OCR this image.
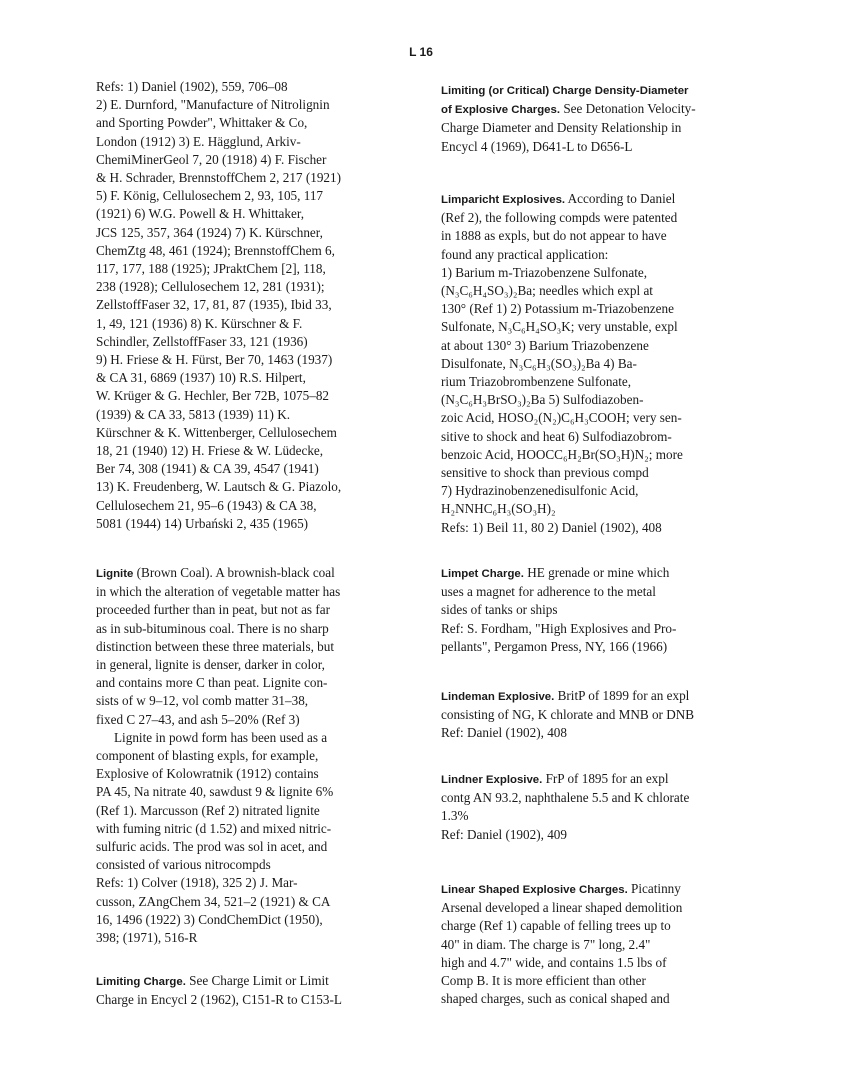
L 16
Refs: 1) Daniel (1902), 559, 706–08
2) E. Durnford, "Manufacture of Nitrolignin
and Sporting Powder", Whittaker & Co,
London (1912) 3) E. Hägglund, Arkiv-
ChemiMinerGeol 7, 20 (1918) 4) F. Fischer
& H. Schrader, BrennstoffChem 2, 217 (1921)
5) F. König, Cellulosechem 2, 93, 105, 117
(1921) 6) W.G. Powell & H. Whittaker,
JCS 125, 357, 364 (1924) 7) K. Kürschner,
ChemZtg 48, 461 (1924); BrennstoffChem 6,
117, 177, 188 (1925); JPraktChem [2], 118,
238 (1928); Cellulosechem 12, 281 (1931);
ZellstoffFaser 32, 17, 81, 87 (1935), Ibid 33,
1, 49, 121 (1936) 8) K. Kürschner & F.
Schindler, ZellstoffFaser 33, 121 (1936)
9) H. Friese & H. Fürst, Ber 70, 1463 (1937)
& CA 31, 6869 (1937) 10) R.S. Hilpert,
W. Krüger & G. Hechler, Ber 72B, 1075–82
(1939) & CA 33, 5813 (1939) 11) K.
Kürschner & K. Wittenberger, Cellulosechem
18, 21 (1940) 12) H. Friese & W. Lüdecke,
Ber 74, 308 (1941) & CA 39, 4547 (1941)
13) K. Freudenberg, W. Lautsch & G. Piazolo,
Cellulosechem 21, 95–6 (1943) & CA 38,
5081 (1944) 14) Urbański 2, 435 (1965)
Lignite (Brown Coal). A brownish-black coal
in which the alteration of vegetable matter has
proceeded further than in peat, but not as far
as in sub-bituminous coal. There is no sharp
distinction between these three materials, but
in general, lignite is denser, darker in color,
and contains more C than peat. Lignite con-
sists of w 9–12, vol comb matter 31–38,
fixed C 27–43, and ash 5–20% (Ref 3)
Lignite in powd form has been used as a
component of blasting expls, for example,
Explosive of Kolowratnik (1912) contains
PA 45, Na nitrate 40, sawdust 9 & lignite 6%
(Ref 1). Marcusson (Ref 2) nitrated lignite
with fuming nitric (d 1.52) and mixed nitric-
sulfuric acids. The prod was sol in acet, and
consisted of various nitrocompds
Refs: 1) Colver (1918), 325 2) J. Mar-
cusson, ZAngChem 34, 521–2 (1921) & CA
16, 1496 (1922) 3) CondChemDict (1950),
398; (1971), 516-R
Limiting Charge. See Charge Limit or Limit
Charge in Encycl 2 (1962), C151-R to C153-L
Limiting (or Critical) Charge Density-Diameter
of Explosive Charges. See Detonation Velocity-
Charge Diameter and Density Relationship in
Encycl 4 (1969), D641-L to D656-L
Limparicht Explosives. According to Daniel
(Ref 2), the following compds were patented
in 1888 as expls, but do not appear to have
found any practical application:
1) Barium m-Triazobenzene Sulfonate,
(N₃C₆H₄SO₃)₂Ba; needles which expl at
130° (Ref 1) 2) Potassium m-Triazobenzene
Sulfonate, N₃C₆H₄SO₃K; very unstable, expl
at about 130° 3) Barium Triazobenzene
Disulfonate, N₃C₆H₃(SO₃)₂Ba 4) Ba-
rium Triazobrombenzene Sulfonate,
(N₃C₆H₃BrSO₃)₂Ba 5) Sulfodiazoben-
zoic Acid, HOSO₂(N₂)C₆H₃COOH; very sen-
sitive to shock and heat 6) Sulfodiazobrom-
benzoic Acid, HOOCC₆H₂Br(SO₃H)N₂; more
sensitive to shock than previous compd
7) Hydrazinobenzenedisulfonic Acid,
H₂NNHC₆H₃(SO₃H)₂
Refs: 1) Beil 11, 80 2) Daniel (1902), 408
Limpet Charge. HE grenade or mine which
uses a magnet for adherence to the metal
sides of tanks or ships
Ref: S. Fordham, "High Explosives and Pro-
pellants", Pergamon Press, NY, 166 (1966)
Lindeman Explosive. BritP of 1899 for an expl
consisting of NG, K chlorate and MNB or DNB
Ref: Daniel (1902), 408
Lindner Explosive. FrP of 1895 for an expl
contg AN 93.2, naphthalene 5.5 and K chlorate
1.3%
Ref: Daniel (1902), 409
Linear Shaped Explosive Charges. Picatinny
Arsenal developed a linear shaped demolition
charge (Ref 1) capable of felling trees up to
40" in diam. The charge is 7" long, 2.4"
high and 4.7" wide, and contains 1.5 lbs of
Comp B. It is more efficient than other
shaped charges, such as conical shaped and
